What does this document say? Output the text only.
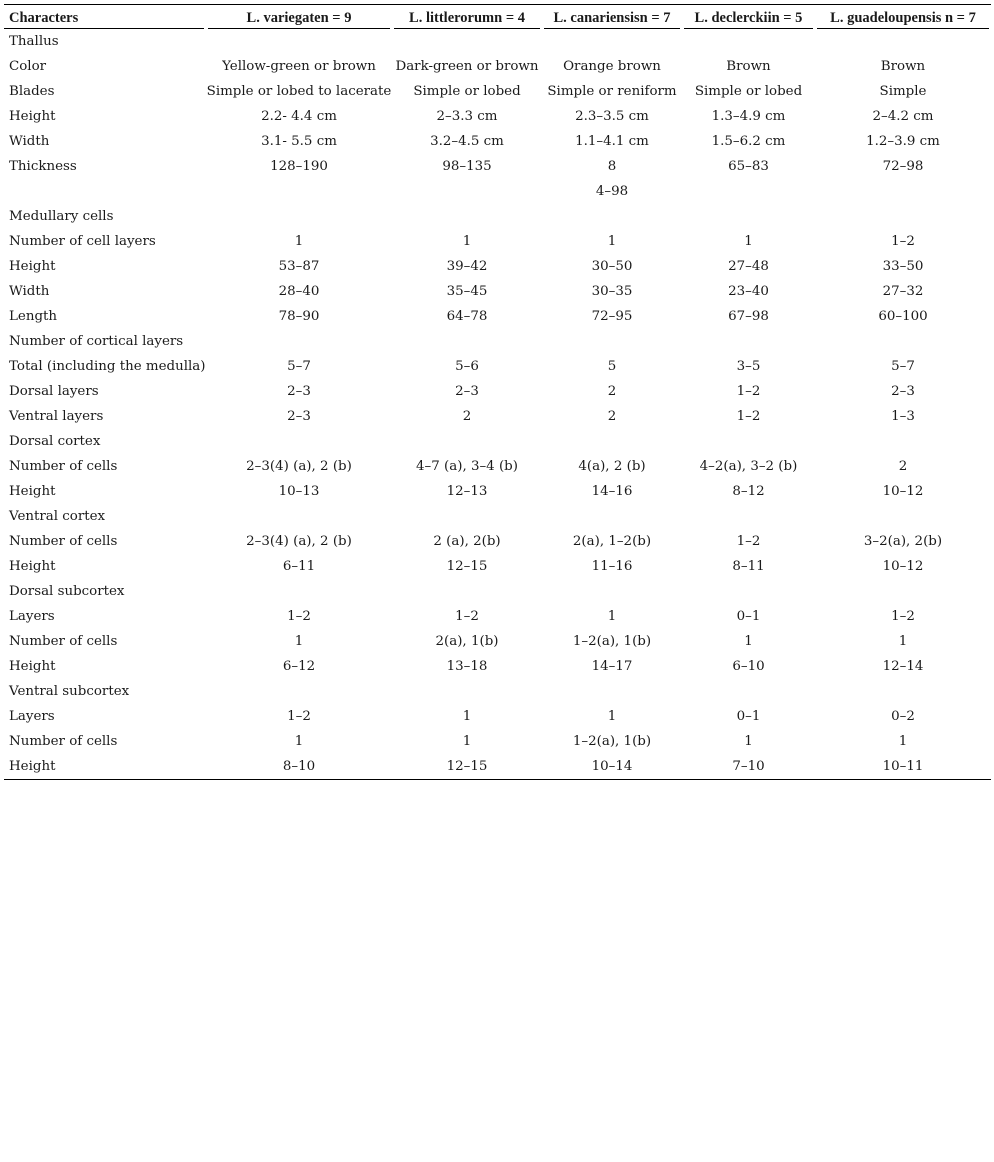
Characters	L. variegaten = 9	L. littlerorumn = 4	L. canariensisn = 7	L. declerckiin = 5	L. guadeloupensis n = 7

Thallus					
Color	Yellow-green or brown	Dark-green or brown	Orange brown	Brown	Brown
Blades	Simple or lobed to lacerate	Simple or lobed	Simple or reniform	Simple or lobed	Simple
Height	2.2- 4.4 cm	2–3.3 cm	2.3–3.5 cm	1.3–4.9 cm	2–4.2 cm
Width	3.1- 5.5 cm	3.2–4.5 cm	1.1–4.1 cm	1.5–6.2 cm	1.2–3.9 cm
Thickness	128–190	98–135	8	65–83	72–98
			4–98		
Medullary cells					
Number of cell layers	1	1	1	1	1–2
Height	53–87	39–42	30–50	27–48	33–50
Width	28–40	35–45	30–35	23–40	27–32
Length	78–90	64–78	72–95	67–98	60–100
Number of cortical layers					
Total (including the medulla)	5–7	5–6	5	3–5	5–7
Dorsal layers	2–3	2–3	2	1–2	2–3
Ventral layers	2–3	2	2	1–2	1–3
Dorsal cortex					
Number of cells	2–3(4) (a), 2 (b)	4–7 (a), 3–4 (b)	4(a), 2 (b)	4–2(a), 3–2 (b)	2
Height	10–13	12–13	14–16	8–12	10–12
Ventral cortex					
Number of cells	2–3(4) (a), 2 (b)	2 (a), 2(b)	2(a), 1–2(b)	1–2	3–2(a), 2(b)
Height	6–11	12–15	11–16	8–11	10–12
Dorsal subcortex					
Layers	1–2	1–2	1	0–1	1–2
Number of cells	1	2(a), 1(b)	1–2(a), 1(b)	1	1
Height	6–12	13–18	14–17	6–10	12–14
Ventral subcortex					
Layers	1–2	1	1	0–1	0–2
Number of cells	1	1	1–2(a), 1(b)	1	1
Height	8–10	12–15	10–14	7–10	10–11
